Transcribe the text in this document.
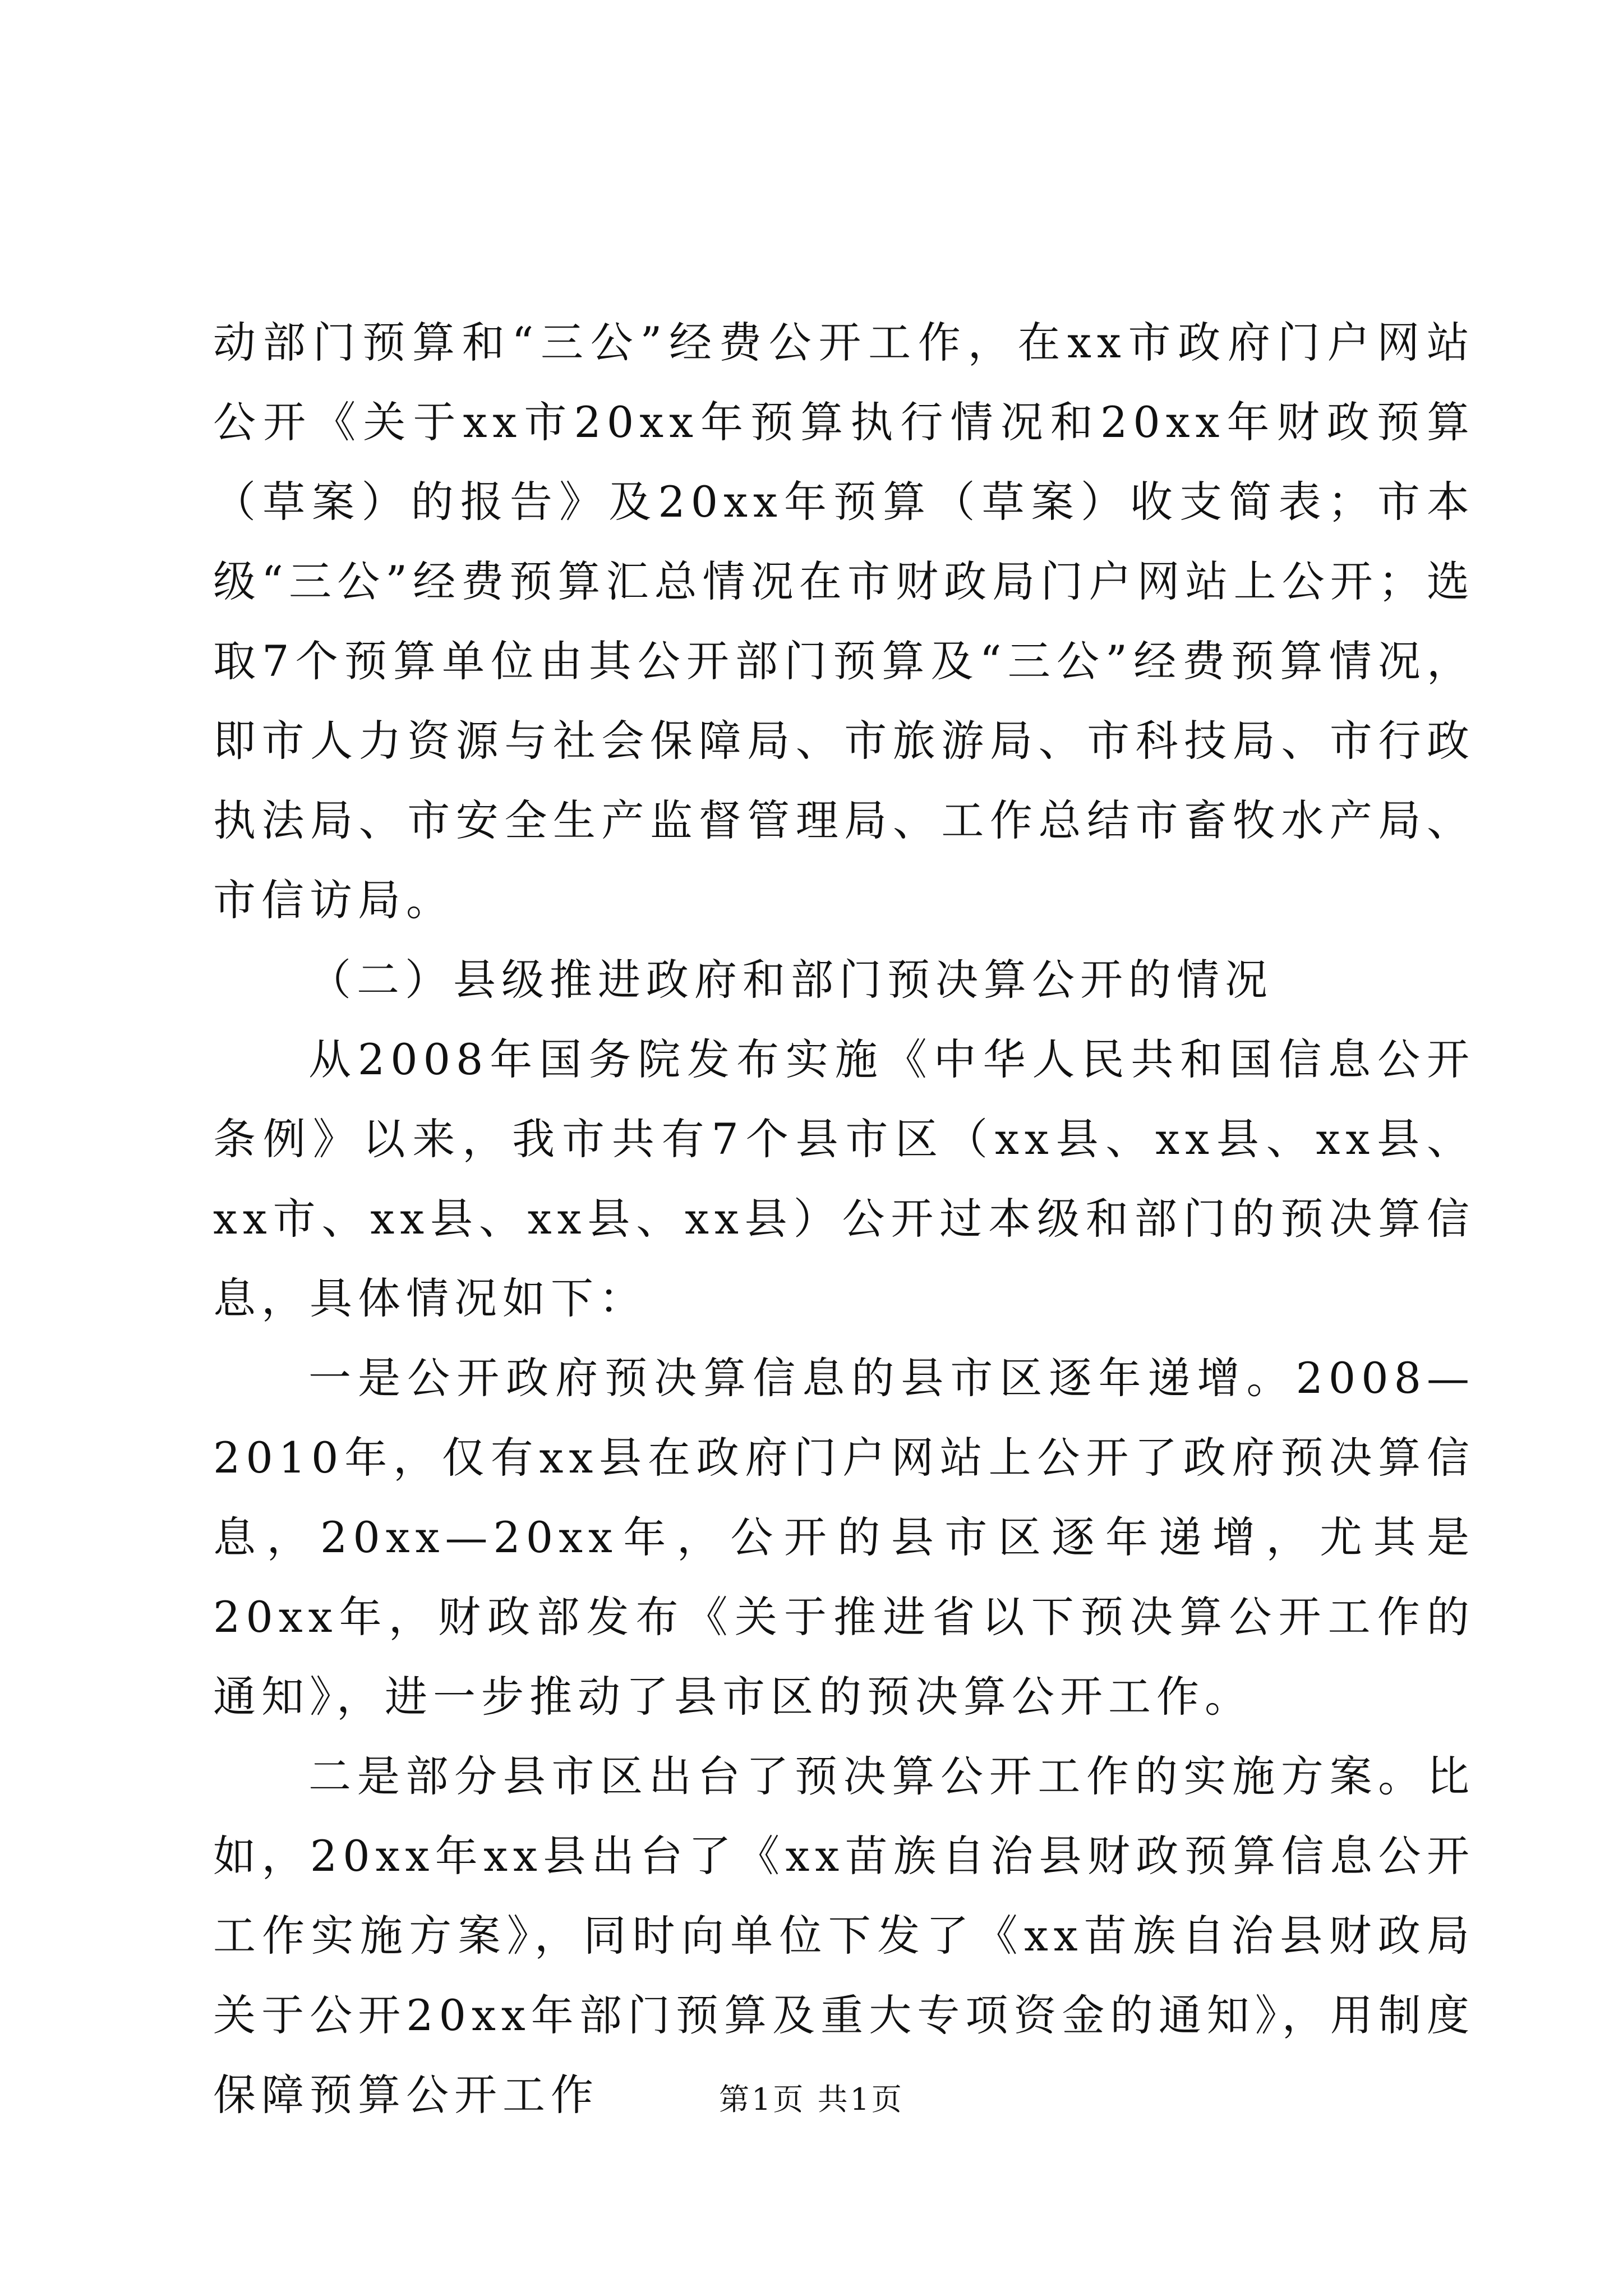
动部门预算和“三公”经费公开工作，在xx市政府门户网站公开《关于xx市20xx年预算执行情况和20xx年财政预算（草案）的报告》及20xx年预算（草案）收支简表；市本级“三公”经费预算汇总情况在市财政局门户网站上公开；选取7个预算单位由其公开部门预算及“三公”经费预算情况，即市人力资源与社会保障局、市旅游局、市科技局、市行政执法局、市安全生产监督管理局、工作总结市畜牧水产局、市信访局。

（二）县级推进政府和部门预决算公开的情况

从2008年国务院发布实施《中华人民共和国信息公开条例》以来，我市共有7个县市区（xx县、xx县、xx县、xx市、xx县、xx县、xx县）公开过本级和部门的预决算信息，具体情况如下：

一是公开政府预决算信息的县市区逐年递增。2008—2010年，仅有xx县在政府门户网站上公开了政府预决算信息，20xx—20xx年，公开的县市区逐年递增，尤其是20xx年，财政部发布《关于推进省以下预决算公开工作的通知》，进一步推动了县市区的预决算公开工作。

二是部分县市区出台了预决算公开工作的实施方案。比如，20xx年xx县出台了《xx苗族自治县财政预算信息公开工作实施方案》，同时向单位下发了《xx苗族自治县财政局关于公开20xx年部门预算及重大专项资金的通知》，用制度保障预算公开工作	第1页 共1页
